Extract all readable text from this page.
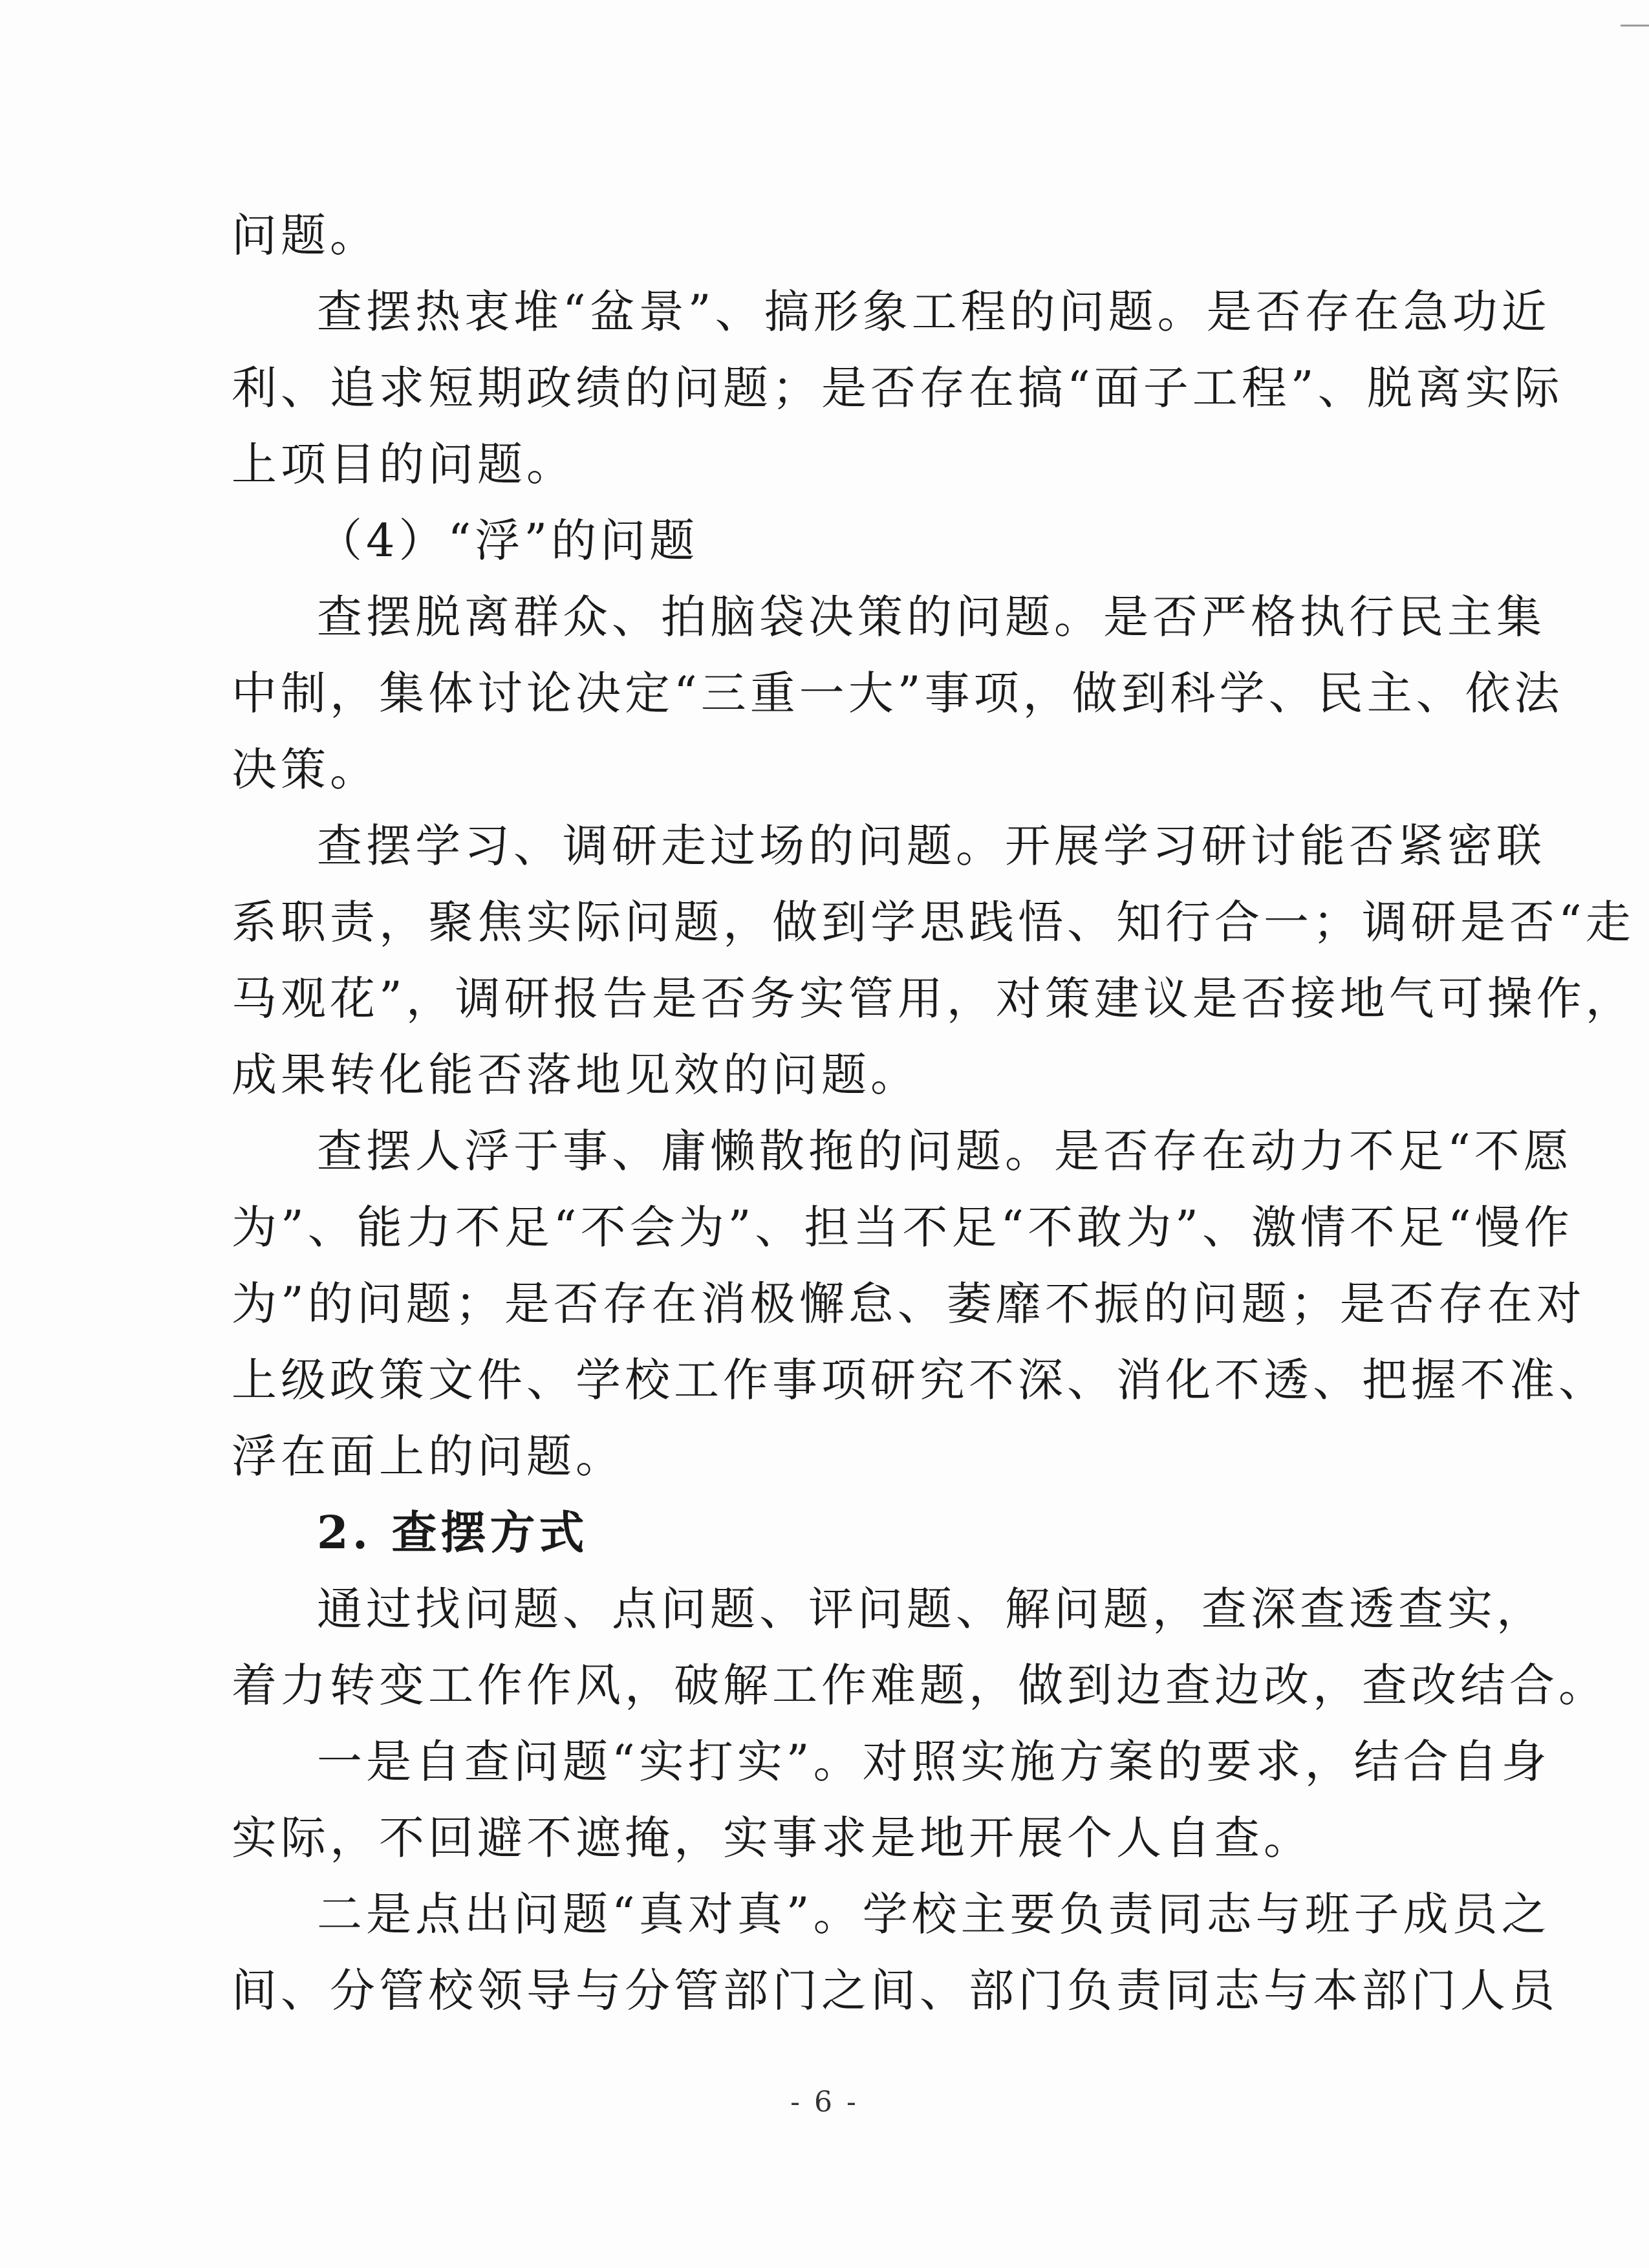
问题。
查摆热衷堆“盆景”、搞形象工程的问题。是否存在急功近
利、追求短期政绩的问题；是否存在搞“面子工程”、脱离实际
上项目的问题。
（4）“浮”的问题
查摆脱离群众、拍脑袋决策的问题。是否严格执行民主集
中制，集体讨论决定“三重一大”事项，做到科学、民主、依法
决策。
查摆学习、调研走过场的问题。开展学习研讨能否紧密联
系职责，聚焦实际问题，做到学思践悟、知行合一；调研是否“走
马观花”，调研报告是否务实管用，对策建议是否接地气可操作，
成果转化能否落地见效的问题。
查摆人浮于事、庸懒散拖的问题。是否存在动力不足“不愿
为”、能力不足“不会为”、担当不足“不敢为”、激情不足“慢作
为”的问题；是否存在消极懈怠、萎靡不振的问题；是否存在对
上级政策文件、学校工作事项研究不深、消化不透、把握不准、
浮在面上的问题。
2. 查摆方式
通过找问题、点问题、评问题、解问题，查深查透查实，
着力转变工作作风，破解工作难题，做到边查边改，查改结合。
一是自查问题“实打实”。对照实施方案的要求，结合自身
实际，不回避不遮掩，实事求是地开展个人自查。
二是点出问题“真对真”。学校主要负责同志与班子成员之
间、分管校领导与分管部门之间、部门负责同志与本部门人员
- 6 -
